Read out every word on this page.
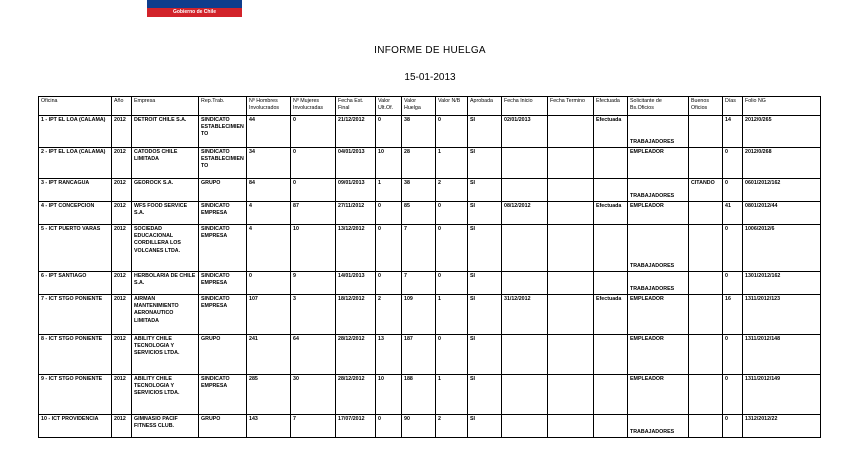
Gobierno de Chile
INFORME DE HUELGA
15-01-2013
Oficina	Año	Empresa	Rep.Trab.	Nº Hombres Involucrados	Nº Mujeres Involucradas	Fecha Est. Final	Valor Ult.Of.	Valor Huelga	Valor N/B	Aprobada	Fecha Inicio	Fecha Termino	Efectuada	Solicitante de Bs.Oficios	Buenos Oficios	Días	Folio NG
1 - IPT EL LOA (CALAMA)	2012	DETROIT CHILE S.A.	SINDICATO ESTABLECIMIENTO	44	0	21/12/2012	0	38	0	SI	02/01/2013		Efectuada	TRABAJADORES		14	2012/0/265
2 - IPT EL LOA (CALAMA)	2012	CATODOS CHILE LIMITADA	SINDICATO ESTABLECIMIENTO	34	0	04/01/2013	10	28	1	SI				EMPLEADOR		0	2012/0/268
3 - IPT RANCAGUA	2012	GEOROCK S.A.	GRUPO	84	0	09/01/2013	1	38	2	SI				TRABAJADORES	CITANDO	0	0601/2012/162
4 - IPT CONCEPCION	2012	WFS FOOD SERVICE S.A.	SINDICATO EMPRESA	4	87	27/11/2012	0	85	0	SI	08/12/2012		Efectuada	EMPLEADOR		41	0801/2012/44
5 - ICT PUERTO VARAS	2012	SOCIEDAD EDUCACIONAL CORDILLERA LOS VOLCANES LTDA.	SINDICATO EMPRESA	4	10	13/12/2012	0	7	0	SI				TRABAJADORES		0	1006/2012/6
6 - IPT SANTIAGO	2012	HERBOLARIA DE CHILE S.A.	SINDICATO EMPRESA	0	9	14/01/2013	0	7	0	SI				TRABAJADORES		0	1301/2012/162
7 - ICT STGO PONIENTE	2012	AIRMAN MANTENIMIENTO AERONAUTICO LIMITADA	SINDICATO EMPRESA	107	3	18/12/2012	2	109	1	SI	31/12/2012		Efectuada	EMPLEADOR		16	1311/2012/123
8 - ICT STGO PONIENTE	2012	ABILITY CHILE TECNOLOGIA Y SERVICIOS LTDA.	GRUPO	241	64	28/12/2012	13	187	0	SI				EMPLEADOR		0	1311/2012/148
9 - ICT STGO PONIENTE	2012	ABILITY CHILE TECNOLOGIA Y SERVICIOS LTDA.	SINDICATO EMPRESA	285	30	28/12/2012	10	188	1	SI				EMPLEADOR		0	1311/2012/149
10 - ICT PROVIDENCIA	2012	GIMNASIO PACIF FITNESS CLUB.	GRUPO	143	7	17/07/2012	0	90	2	SI				TRABAJADORES		0	1312/2012/22
